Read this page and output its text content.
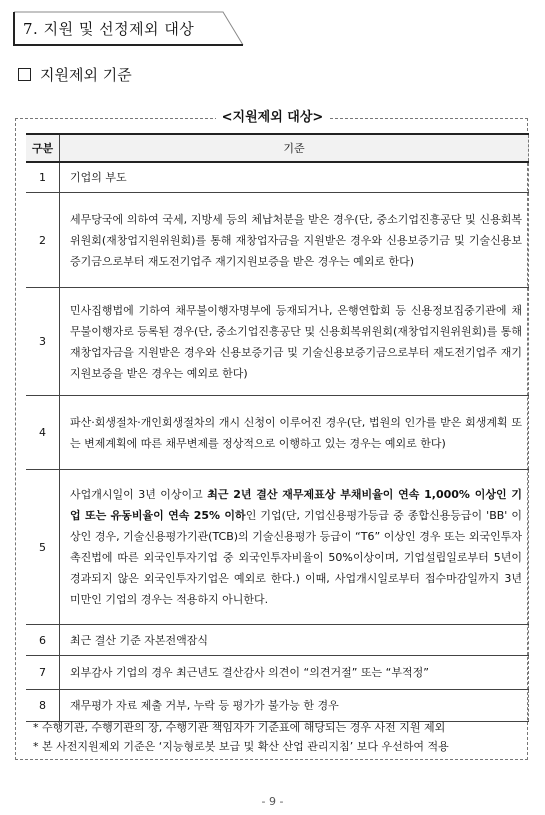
7. 지원 및 선정제외 대상
지원제외 기준
<지원제외 대상>
구분	기준
1	기업의 부도
2	세무당국에 의하여 국세, 지방세 등의 체납처분을 받은 경우(단, 중소기업진흥공단 및 신용회복위원회(재창업지원위원회)를 통해 재창업자금을 지원받은 경우와 신용보증기금 및 기술신용보증기금으로부터 재도전기업주 재기지원보증을 받은 경우는 예외로 한다)
3	민사집행법에 기하여 채무불이행자명부에 등재되거나, 은행연합회 등 신용정보집중기관에 채무불이행자로 등록된 경우(단, 중소기업진흥공단 및 신용회복위원회(재창업지원위원회)를 통해 재창업자금을 지원받은 경우와 신용보증기금 및 기술신용보증기금으로부터 재도전기업주 재기지원보증을 받은 경우는 예외로 한다)
4	파산·회생절차·개인회생절차의 개시 신청이 이루어진 경우(단, 법원의 인가를 받은 회생계획 또는 변제계획에 따른 채무변제를 정상적으로 이행하고 있는 경우는 예외로 한다)
5	사업개시일이 3년 이상이고 최근 2년 결산 재무제표상 부채비율이 연속 1,000% 이상인 기업 또는 유동비율이 연속 25% 이하인 기업(단, 기업신용평가등급 중 종합신용등급이 'BB' 이상인 경우, 기술신용평가기관(TCB)의 기술신용평가 등급이 “T6” 이상인 경우 또는 외국인투자촉진법에 따른 외국인투자기업 중 외국인투자비율이 50%이상이며, 기업설립일로부터 5년이 경과되지 않은 외국인투자기업은 예외로 한다.) 이때, 사업개시일로부터 접수마감일까지 3년 미만인 기업의 경우는 적용하지 아니한다.
6	최근 결산 기준 자본전액잠식
7	외부감사 기업의 경우 최근년도 결산감사 의견이 “의견거절” 또는 “부적정”
8	재무평가 자료 제출 거부, 누락 등 평가가 불가능 한 경우
* 수행기관, 수행기관의 장, 수행기관 책임자가 기준표에 해당되는 경우 사전 지원 제외
* 본 사전지원제외 기준은 ‘지능형로봇 보급 및 확산 산업 관리지침’ 보다 우선하여 적용
- 9 -
